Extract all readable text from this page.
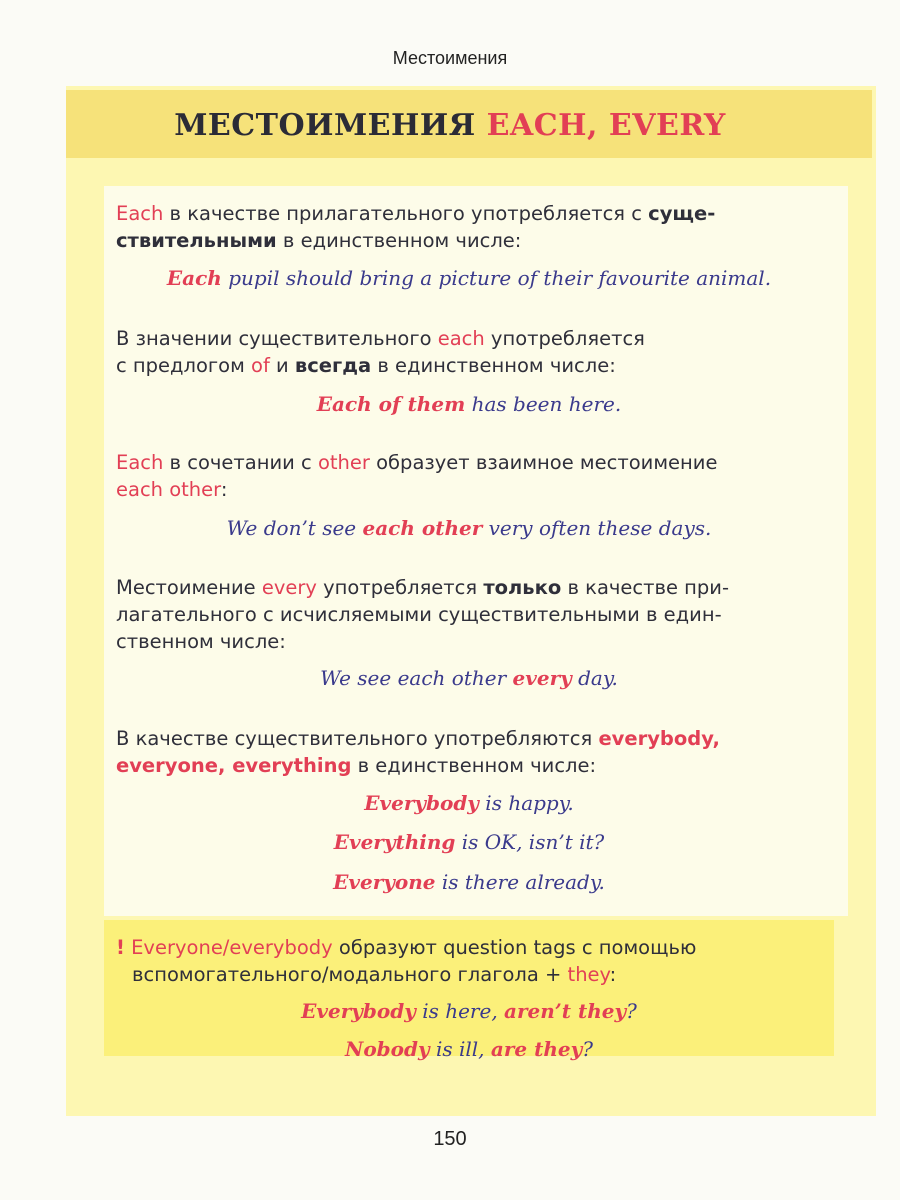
Местоимения
МЕСТОИМЕНИЯ EACH, EVERY
Each в качестве прилагательного употребляется с суще-
ствительными в единственном числе:
Each pupil should bring a picture of their favourite animal.
В значении существительного each употребляется
с предлогом of и всегда в единственном числе:
Each of them has been here.
Each в сочетании с other образует взаимное местоимение
each other:
We don’t see each other very often these days.
Местоимение every употребляется только в качестве при-
лагательного с исчисляемыми существительными в един-
ственном числе:
We see each other every day.
В качестве существительного употребляются everybody,
everyone, everything в единственном числе:
Everybody is happy.
Everything is OK, isn’t it?
Everyone is there already.
! Everyone/everybody образуют question tags с помощью
вспомогательного/модального глагола + they:
Everybody is here, aren’t they?
Nobody is ill, are they?
150
